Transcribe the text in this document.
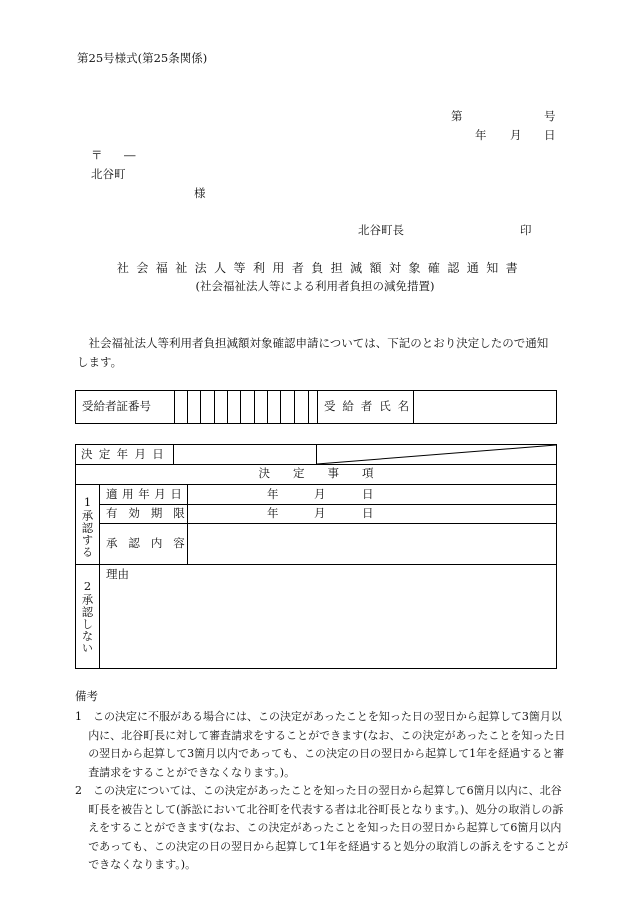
第25号様式(第25条関係)
第	号
年 月 日
〒 ―
北谷町
様
北谷町長	印
社会福祉法人等利用者負担減額対象確認通知書
(社会福祉法人等による利用者負担の減免措置)
社会福祉法人等利用者負担減額対象確認申請については、下記のとおり決定したので通知します。
受給者証番号	受給者氏名
決定年月日
決　　定　　事　　項
1承認する
適用年月日	年	月	日
有効期限	年	月	日
承認内容
2承認しない
理由
備考
1　この決定に不服がある場合には、この決定があったことを知った日の翌日から起算して3箇月以内に、北谷町長に対して審査請求をすることができます(なお、この決定があったことを知った日の翌日から起算して3箇月以内であっても、この決定の日の翌日から起算して1年を経過すると審査請求をすることができなくなります。)。
2　この決定については、この決定があったことを知った日の翌日から起算して6箇月以内に、北谷町長を被告として(訴訟において北谷町を代表する者は北谷町長となります。)、処分の取消しの訴えをすることができます(なお、この決定があったことを知った日の翌日から起算して6箇月以内であっても、この決定の日の翌日から起算して1年を経過すると処分の取消しの訴えをすることができなくなります。)。
